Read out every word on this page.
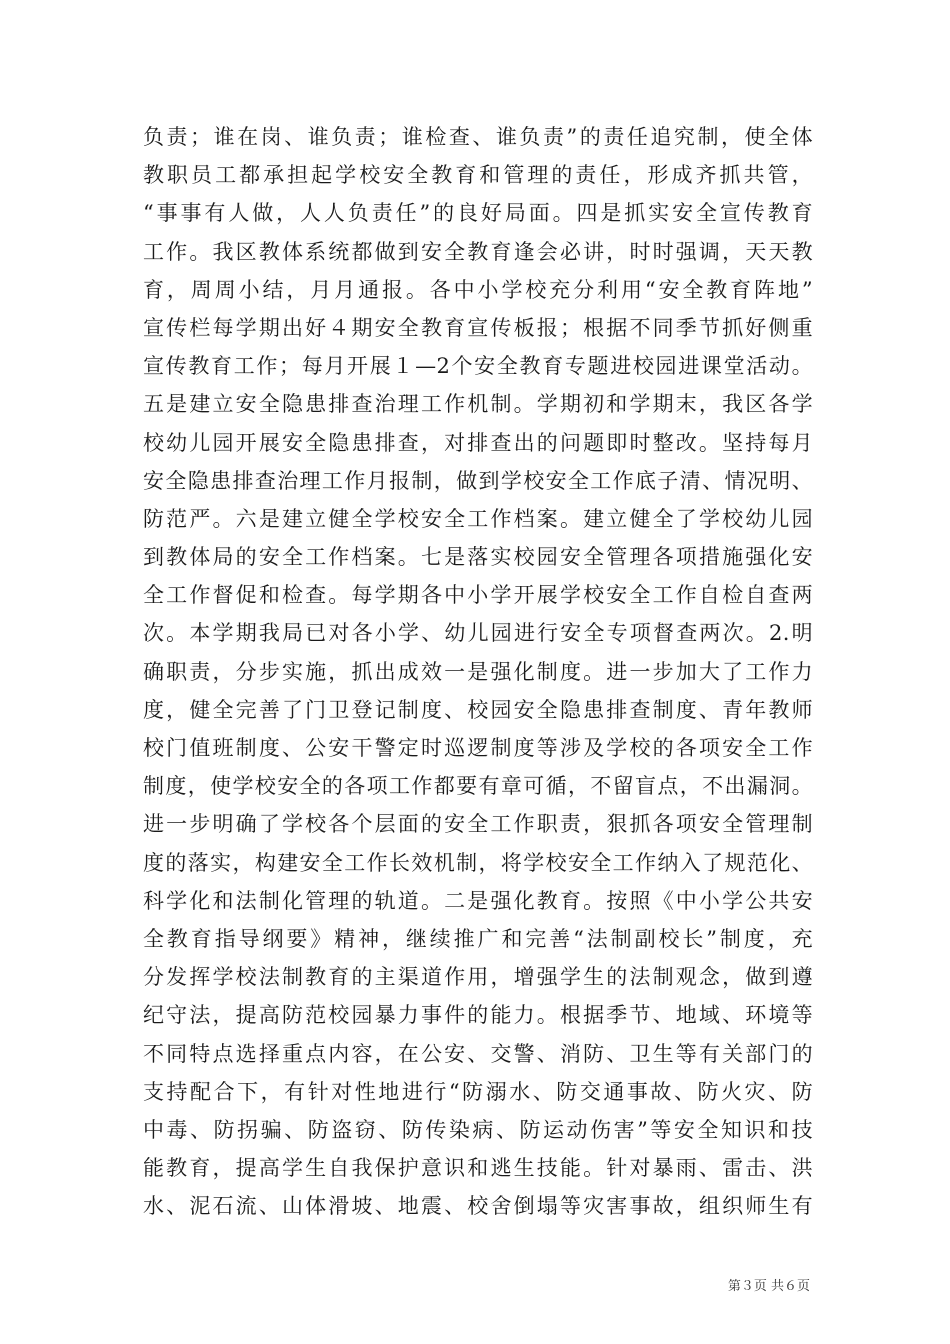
负责；谁在岗、谁负责；谁检查、谁负责”的责任追究制，使全体
教职员工都承担起学校安全教育和管理的责任，形成齐抓共管，
“事事有人做，人人负责任”的良好局面。四是抓实安全宣传教育
工作。我区教体系统都做到安全教育逢会必讲，时时强调，天天教
育，周周小结，月月通报。各中小学校充分利用“安全教育阵地”
宣传栏每学期出好４期安全教育宣传板报；根据不同季节抓好侧重
宣传教育工作；每月开展１—2个安全教育专题进校园进课堂活动。
五是建立安全隐患排查治理工作机制。学期初和学期末，我区各学
校幼儿园开展安全隐患排查，对排查出的问题即时整改。坚持每月
安全隐患排查治理工作月报制，做到学校安全工作底子清、情况明、
防范严。六是建立健全学校安全工作档案。建立健全了学校幼儿园
到教体局的安全工作档案。七是落实校园安全管理各项措施强化安
全工作督促和检查。每学期各中小学开展学校安全工作自检自查两
次。本学期我局已对各小学、幼儿园进行安全专项督查两次。2.明
确职责，分步实施，抓出成效一是强化制度。进一步加大了工作力
度，健全完善了门卫登记制度、校园安全隐患排查制度、青年教师
校门值班制度、公安干警定时巡逻制度等涉及学校的各项安全工作
制度，使学校安全的各项工作都要有章可循，不留盲点，不出漏洞。
进一步明确了学校各个层面的安全工作职责，狠抓各项安全管理制
度的落实，构建安全工作长效机制，将学校安全工作纳入了规范化、
科学化和法制化管理的轨道。二是强化教育。按照《中小学公共安
全教育指导纲要》精神，继续推广和完善“法制副校长”制度，充
分发挥学校法制教育的主渠道作用，增强学生的法制观念，做到遵
纪守法，提高防范校园暴力事件的能力。根据季节、地域、环境等
不同特点选择重点内容，在公安、交警、消防、卫生等有关部门的
支持配合下，有针对性地进行“防溺水、防交通事故、防火灾、防
中毒、防拐骗、防盗窃、防传染病、防运动伤害”等安全知识和技
能教育，提高学生自我保护意识和逃生技能。针对暴雨、雷击、洪
水、泥石流、山体滑坡、地震、校舍倒塌等灾害事故，组织师生有
第３页 共６页
